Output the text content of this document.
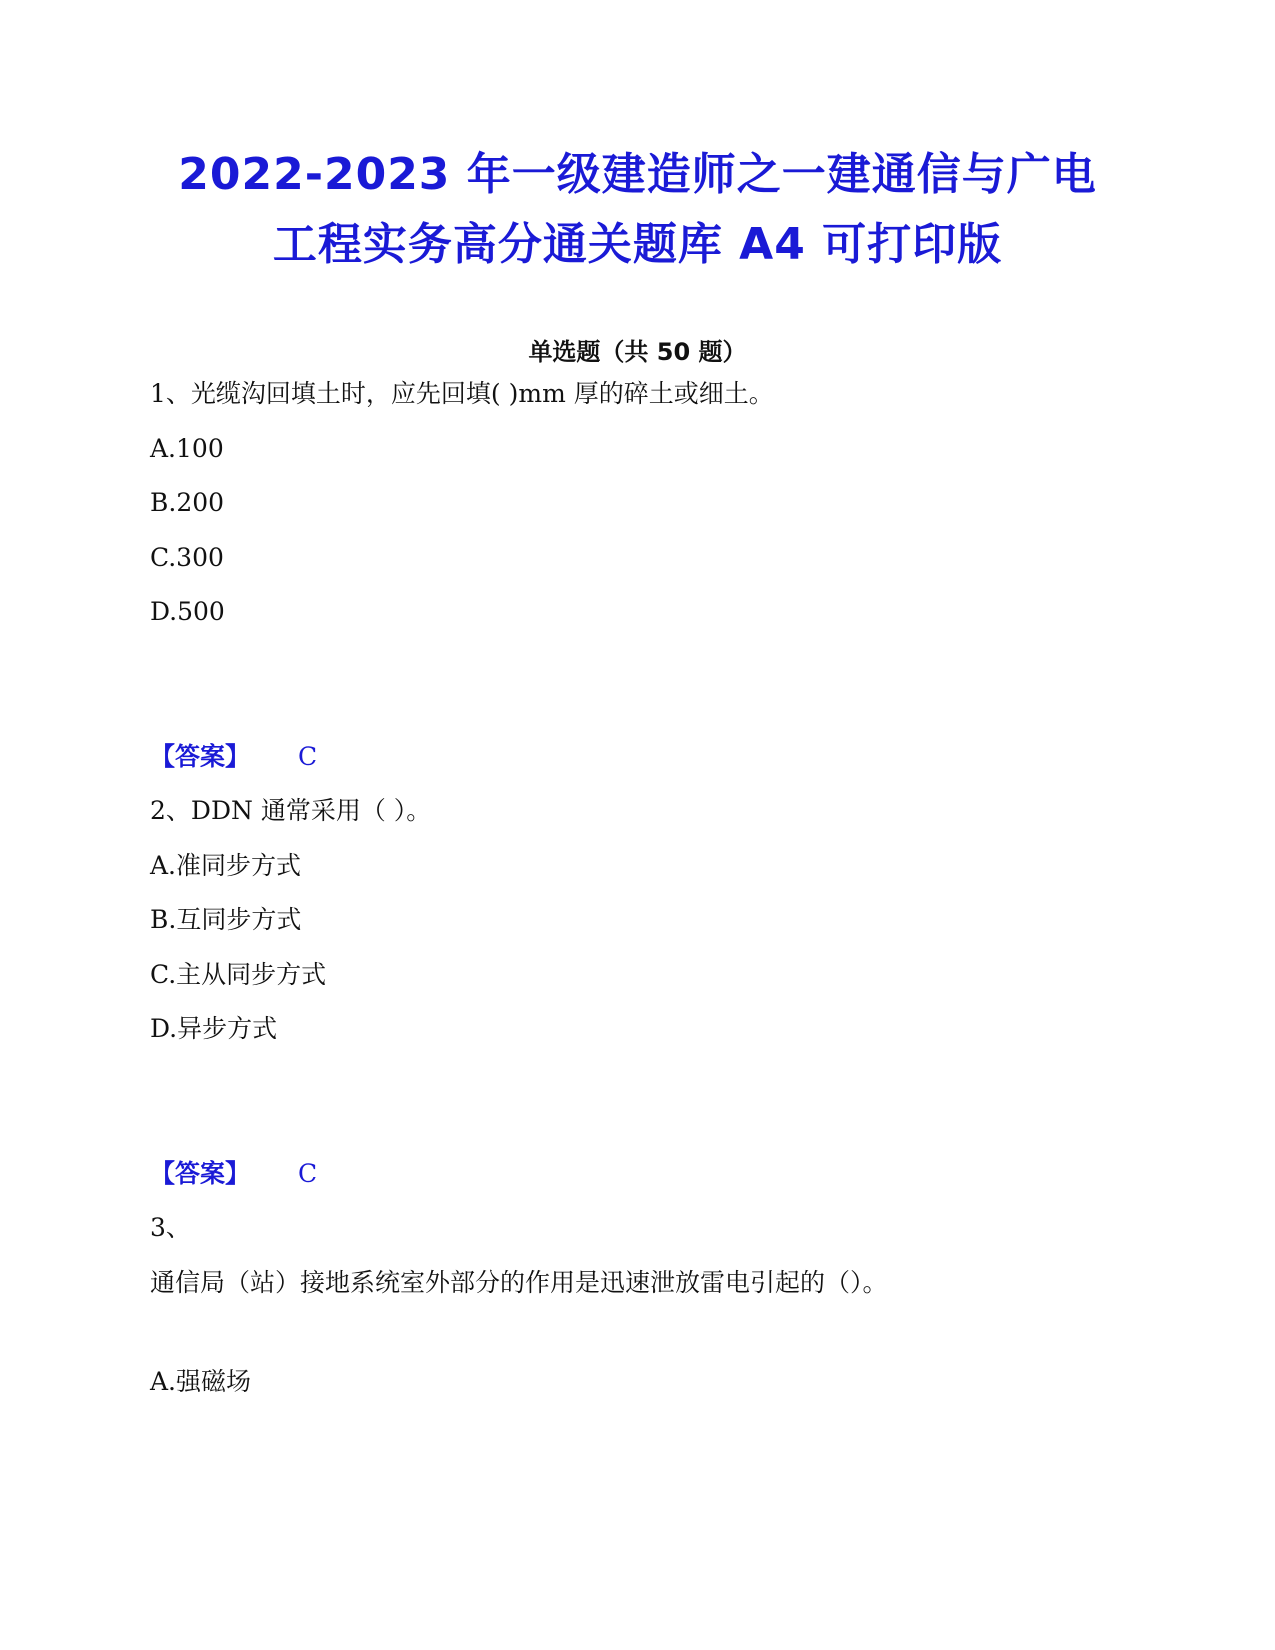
2022-2023 年一级建造师之一建通信与广电
工程实务高分通关题库 A4 可打印版
单选题（共 50 题）
1、光缆沟回填土时，应先回填( )mm 厚的碎土或细土。
A.100
B.200
C.300
D.500
【答案】 C
2、DDN 通常采用（ ）。
A.准同步方式
B.互同步方式
C.主从同步方式
D.异步方式
【答案】 C
3、
通信局（站）接地系统室外部分的作用是迅速泄放雷电引起的（）。
A.强磁场
